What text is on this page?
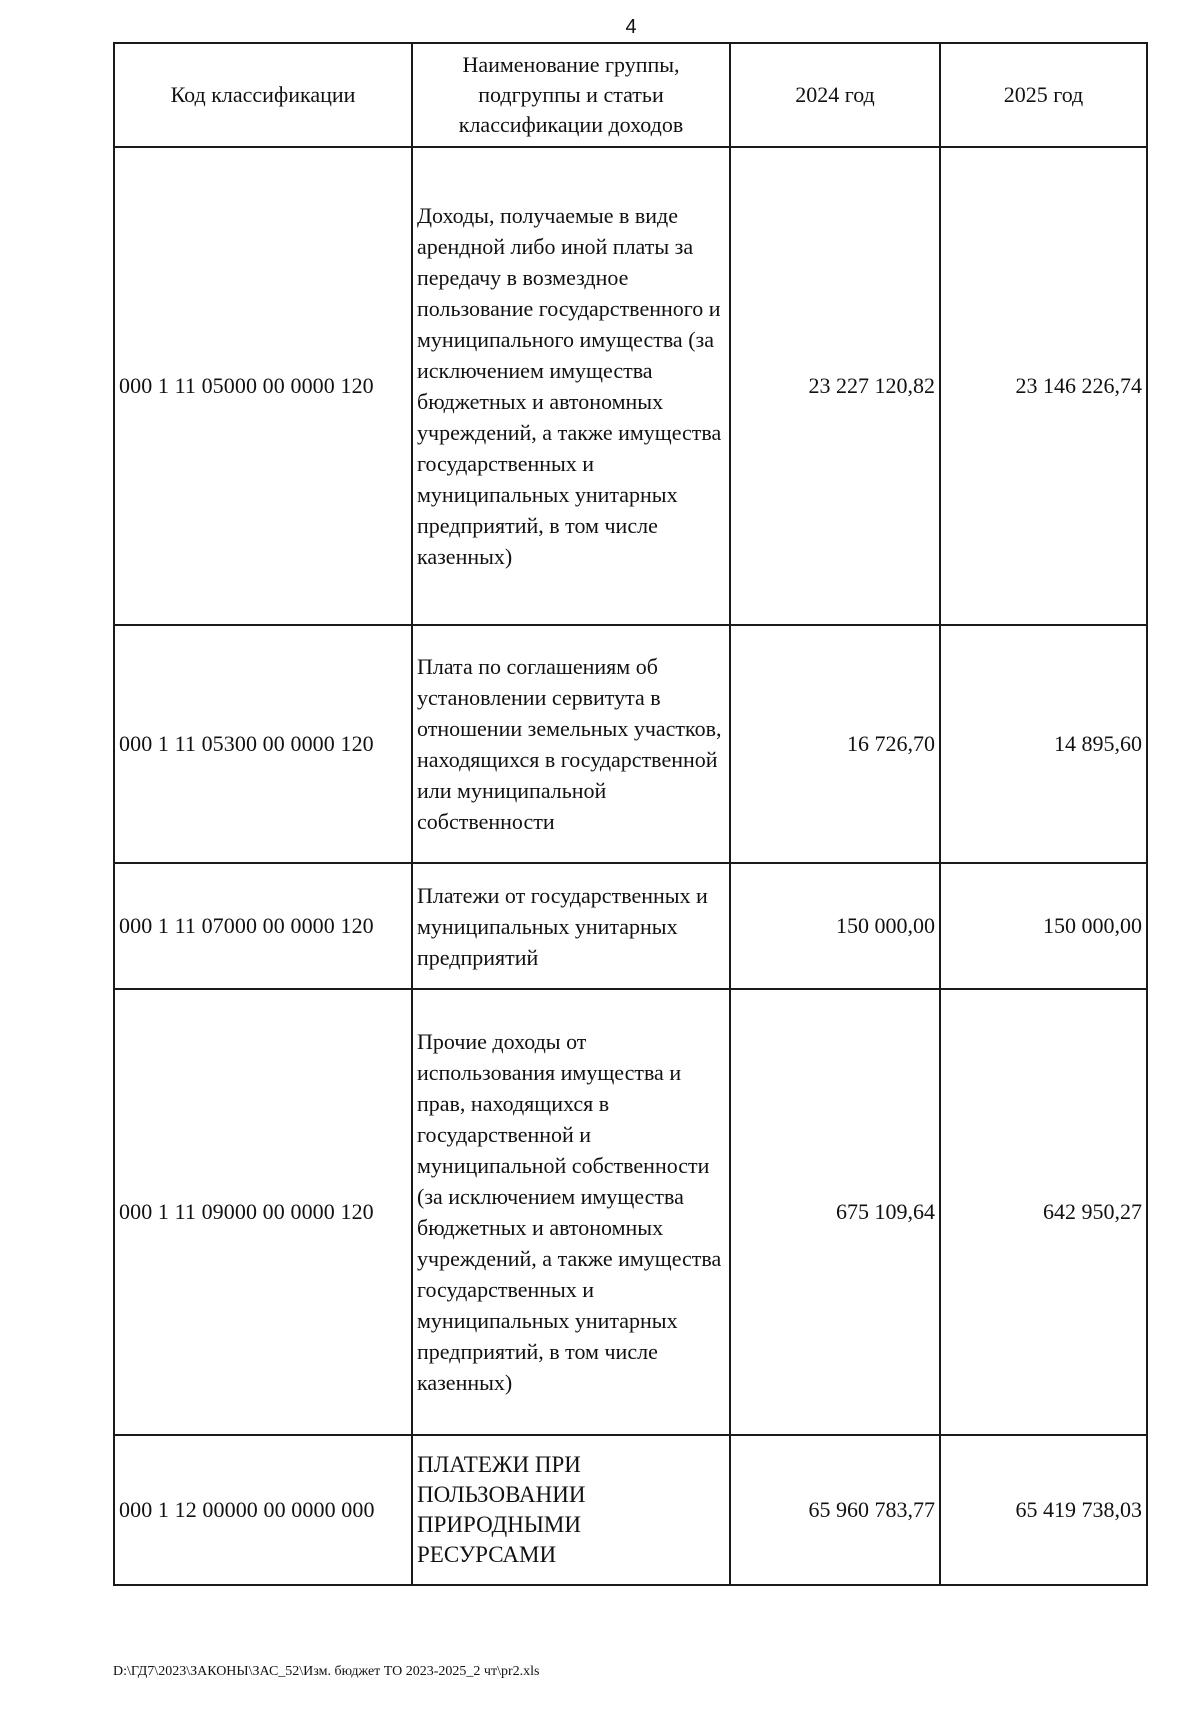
4
Код классификации	Наименование группы, подгруппы и статьи классификации доходов	2024 год	2025 год
000 1 11 05000 00 0000 120	Доходы, получаемые в виде арендной либо иной платы за передачу в возмездное пользование государственного и муниципального имущества (за исключением имущества бюджетных и автономных учреждений, а также имущества государственных и муниципальных унитарных предприятий, в том числе казенных)	23 227 120,82	23 146 226,74
000 1 11 05300 00 0000 120	Плата по соглашениям об установлении сервитута в отношении земельных участков, находящихся в государственной или муниципальной собственности	16 726,70	14 895,60
000 1 11 07000 00 0000 120	Платежи от государственных и муниципальных унитарных предприятий	150 000,00	150 000,00
000 1 11 09000 00 0000 120	Прочие доходы от использования имущества и прав, находящихся в государственной и муниципальной собственности (за исключением имущества бюджетных и автономных учреждений, а также имущества государственных и муниципальных унитарных предприятий, в том числе казенных)	675 109,64	642 950,27
000 1 12 00000 00 0000 000	ПЛАТЕЖИ ПРИ ПОЛЬЗОВАНИИ ПРИРОДНЫМИ РЕСУРСАМИ	65 960 783,77	65 419 738,03
D:\ГД7\2023\ЗАКОНЫ\ЗАС_52\Изм. бюджет ТО 2023-2025_2 чт\pr2.xls
